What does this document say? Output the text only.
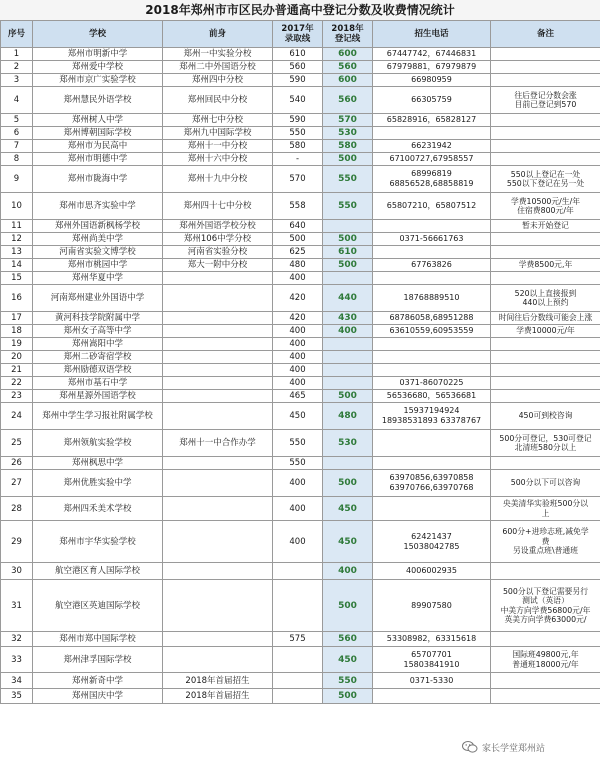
2018年郑州市市区民办普通高中登记分数及收费情况统计
序号	学校	前身	2017年
录取线	2018年
登记线	招生电话	备注
1	郑州市明新中学	郑州一中实验分校	610	600	67447742，67446831	
2	郑州爱中学校	郑州二中外国语分校	560	560	67979881，67979879	
3	郑州市京广实验学校	郑州四中分校	590	600	66980959	
4	郑州慧民外语学校	郑州回民中分校	540	560	66305759	往后登记分数会涨
目前已登记到570
5	郑州树人中学	郑州七中分校	590	570	65828916，65828127	
6	郑州博朝国际学校	郑州九中国际学校	550	530		
7	郑州市为民高中	郑州十一中分校	580	580	66231942	
8	郑州市明德中学	郑州十六中分校	-	500	67100727,67958557	
9	郑州市陇海中学	郑州十九中分校	570	550	68996819
68856528,68858819	550以上登记在一处
550以下登记在另一处
10	郑州市思齐实验中学	郑州四十七中分校	558	550	65807210，65807512	学费10500元/生/年
住宿费800元/年
11	郑州外国语新枫杨学校	郑州外国语学校分校	640			暂未开始登记
12	郑州尚美中学	郑州106中学分校	500	500	0371-56661763	
13	河南省实验文博学校	河南省实验分校	625	610		
14	郑州市桃园中学	郑大一附中分校	480	500	67763826	学费8500元,年
15	郑州华夏中学		400			
16	河南郑州建业外国语中学		420	440	18768889510	520以上直接报到
440以上预约
17	黄河科技学院附属中学		420	430	68786058,68951288	时间往后分数线可能会上涨
18	郑州女子高等中学		400	400	63610559,60953559	学费10000元/年
19	郑州嵩阳中学		400			
20	郑州二砂寄宿学校		400			
21	郑州励德双语学校		400			
22	郑州市基石中学		400		0371-86070225	
23	郑州星源外国语学校		465	500	56536680，56536681	
24	郑州中学生学习报社附属学校		450	480	15937194924
18938531893 63378767	450可到校咨询
25	郑州领航实验学校	郑州十一中合作办学	550	530		500分可登记，530可登记
北清班580分以上
26	郑州枫思中学		550			
27	郑州优胜实验中学		400	500	63970856,63970858
63970766,63970768	500分以下可以咨询
28	郑州四禾美术学校		400	450		央美清华实验班500分以
上
29	郑州市宇华实验学校		400	450	62421437
15038042785	600分+进珍志班,减免学
费
另设重点班\普通班
30	航空港区育人国际学校			400	4006002935	
31	航空港区英迪国际学校			500	89907580	500分以下登记需要另行
测试（英语）
中美方向学费56800元/年
英美方向学费63000元/
32	郑州市郑中国际学校		575	560	53308982，63315618	
33	郑州津孚国际学校			450	65707701
15803841910	国际班49800元,年
普通班18000元/年
34	郑州新奇中学	2018年首届招生		550	0371-5330	
35	郑州国庆中学	2018年首届招生		500		
家长学堂郑州站
